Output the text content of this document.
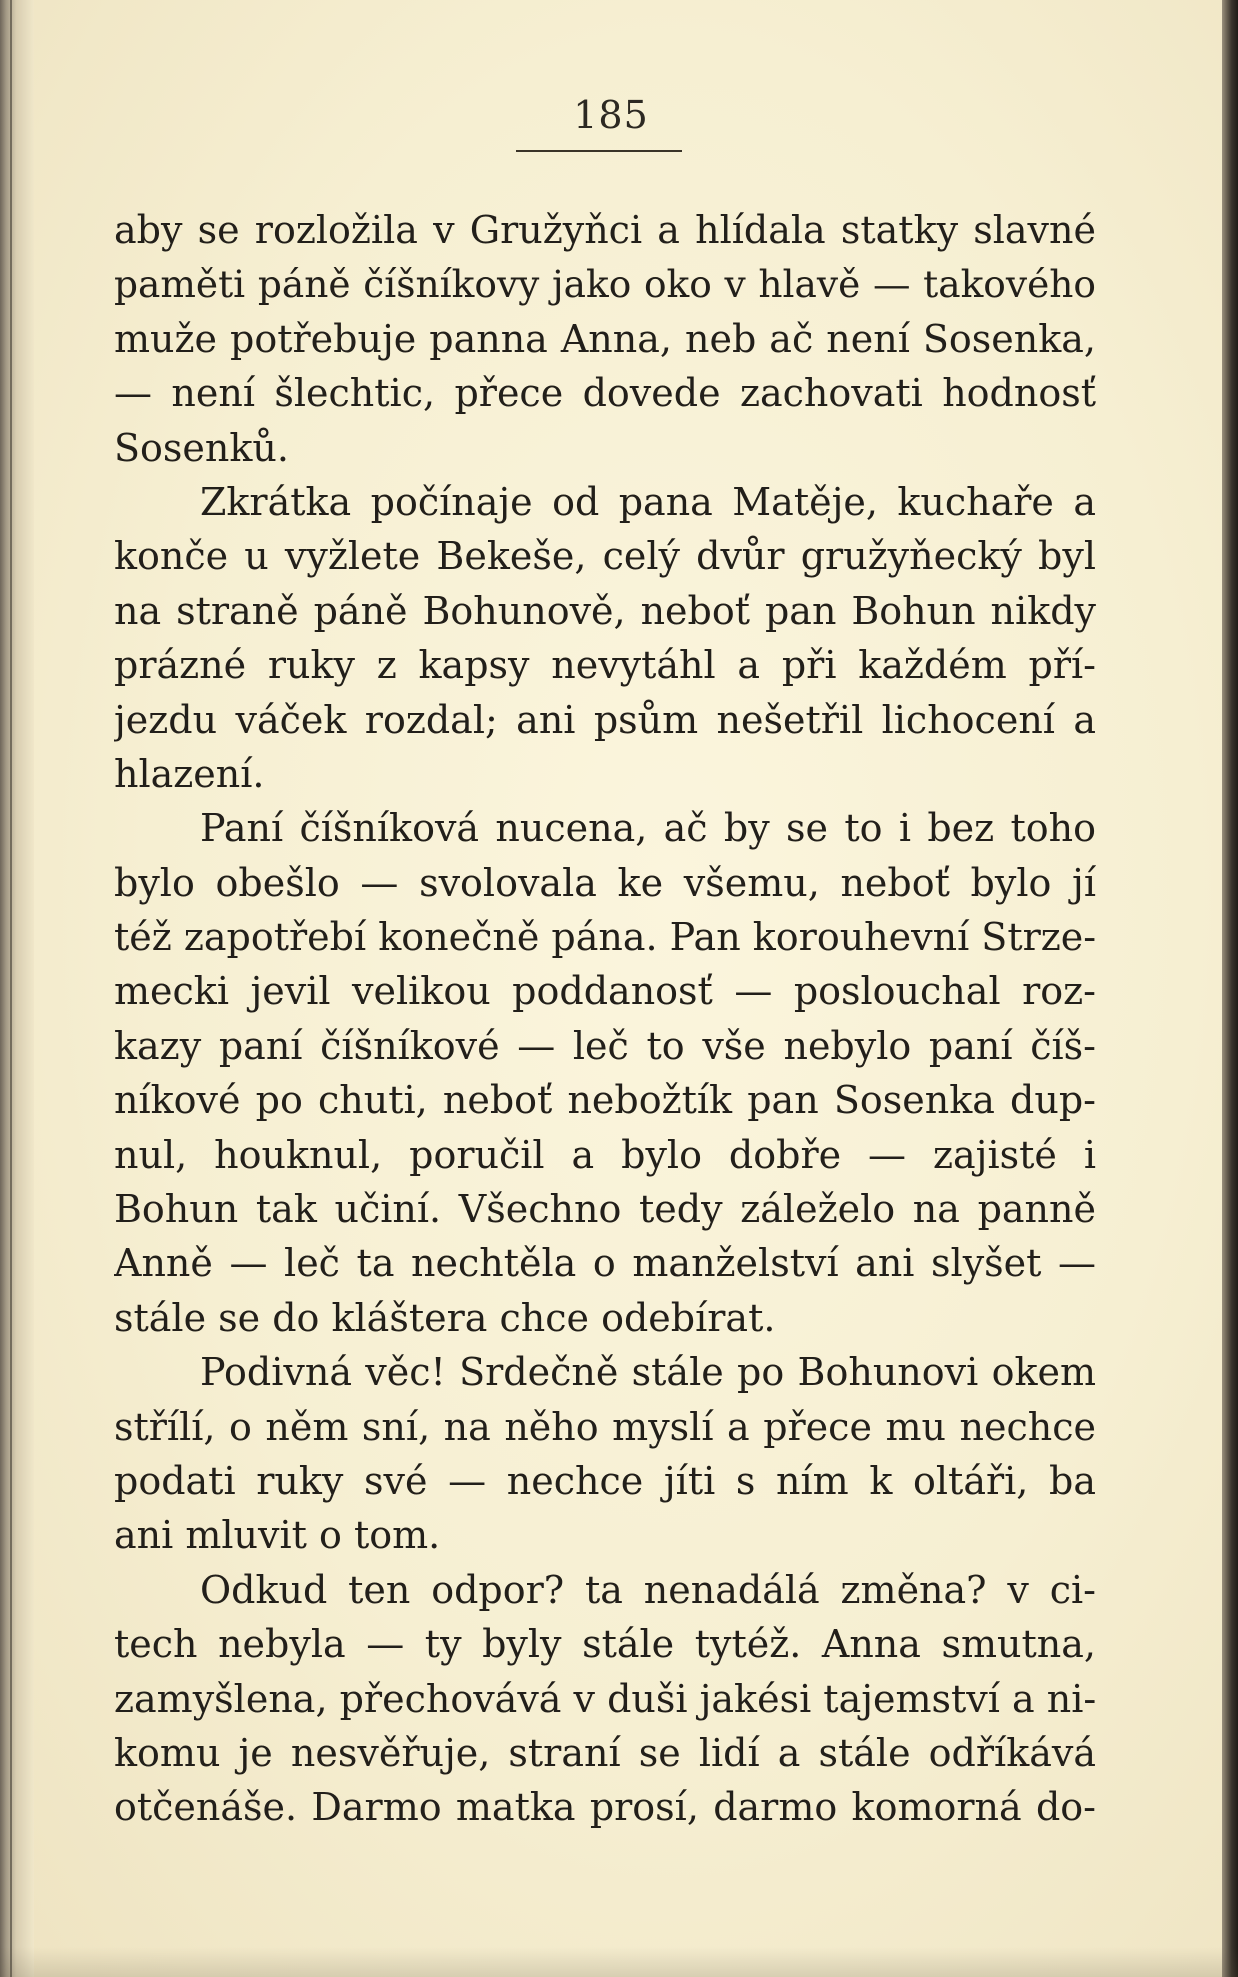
185
aby se rozložila v Gružyňci a hlídala statky slavné
paměti páně číšníkovy jako oko v hlavě — takového
muže potřebuje panna Anna, neb ač není Sosenka,
— není šlechtic, přece dovede zachovati hodnosť
Sosenků.
Zkrátka počínaje od pana Matěje, kuchaře a
konče u vyžlete Bekeše, celý dvůr gružyňecký byl
na straně páně Bohunově, neboť pan Bohun nikdy
prázné ruky z kapsy nevytáhl a při každém pří-
jezdu váček rozdal; ani psům nešetřil lichocení a
hlazení.
Paní číšníková nucena, ač by se to i bez toho
bylo obešlo — svolovala ke všemu, neboť bylo jí
též zapotřebí konečně pána. Pan korouhevní Strze-
mecki jevil velikou poddanosť — poslouchal roz-
kazy paní číšníkové — leč to vše nebylo paní číš-
níkové po chuti, neboť nebožtík pan Sosenka dup-
nul, houknul, poručil a bylo dobře — zajisté i
Bohun tak učiní. Všechno tedy záleželo na panně
Anně — leč ta nechtěla o manželství ani slyšet —
stále se do kláštera chce odebírat.
Podivná věc! Srdečně stále po Bohunovi okem
střílí, o něm sní, na něho myslí a přece mu nechce
podati ruky své — nechce jíti s ním k oltáři, ba
ani mluvit o tom.
Odkud ten odpor? ta nenadálá změna? v ci-
tech nebyla — ty byly stále tytéž. Anna smutna,
zamyšlena, přechovává v duši jakési tajemství a ni-
komu je nesvěřuje, straní se lidí a stále odříkává
otčenáše. Darmo matka prosí, darmo komorná do-
